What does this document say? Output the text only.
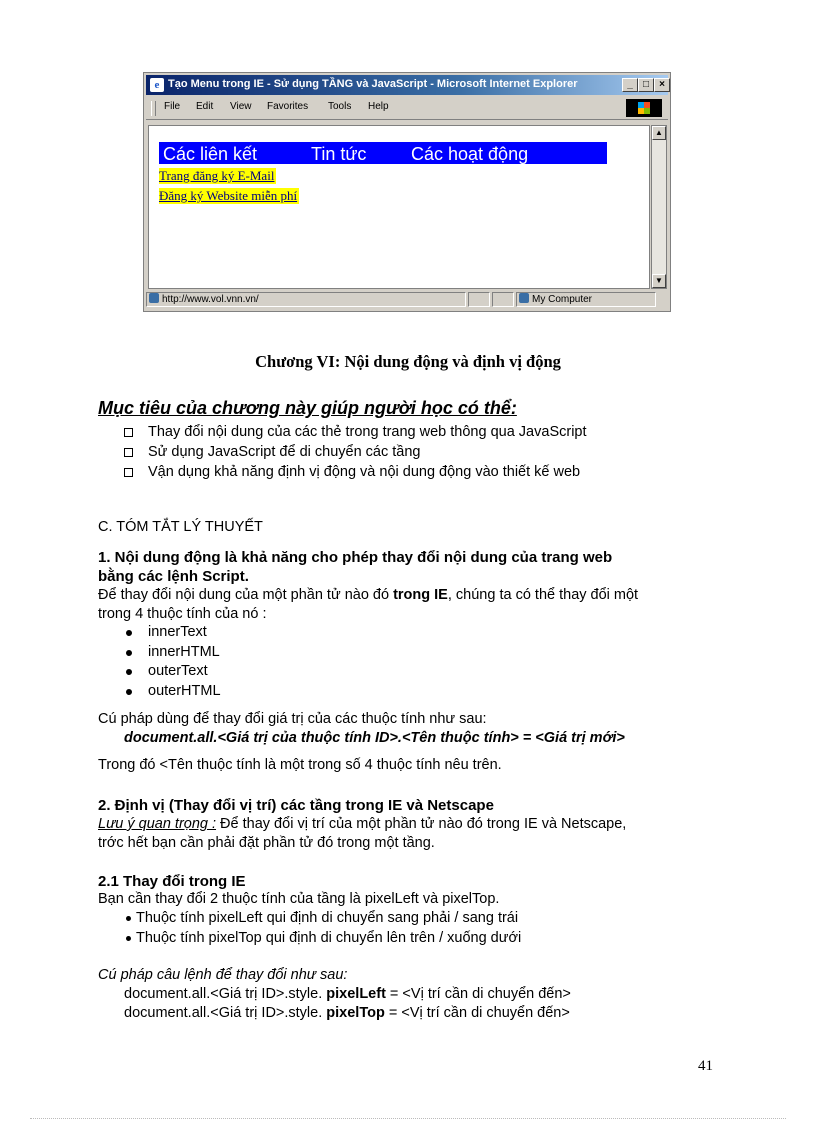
e Tạo Menu trong IE - Sử dụng TẦNG và JavaScript - Microsoft Internet Explorer	_	□	×
File Edit View Favorites Tools Help
Các liên kết	Tin tức Các hoạt động
Trang đăng ký E-Mail
Đăng ký Website miễn phí
▲
▼
http://www.vol.vnn.vn/	My Computer
Chương VI: Nội dung động và định vị động
Mục tiêu của chương này giúp người học có thể:
Thay đổi nội dung của các thẻ trong trang web thông qua JavaScript
Sử dụng JavaScript để di chuyển các tầng
Vận dụng khả năng định vị động và nội dung động vào thiết kế web
C. TÓM TẮT LÝ THUYẾT
1. Nội dung động là khả năng cho phép thay đổi nội dung của trang web
bằng các lệnh Script.
Để thay đổi nội dung của một phần tử nào đó trong IE, chúng ta có thể thay đổi một
trong 4 thuộc tính của nó :
innerText
innerHTML
outerText
outerHTML
Cú pháp dùng để thay đổi giá trị của các thuộc tính như sau:
document.all.<Giá trị của thuộc tính ID>.<Tên thuộc tính> = <Giá trị mới>
Trong đó <Tên thuộc tính là một trong số 4 thuộc tính nêu trên.
2. Định vị (Thay đổi vị trí) các tầng trong IE và Netscape
Lưu ý quan trọng : Để thay đổi vị trí của một phần tử nào đó trong IE và Netscape,
trớc hết bạn cần phải đặt phần tử đó trong một tầng.
2.1 Thay đổi trong IE
Bạn cần thay đổi 2 thuộc tính của tầng là pixelLeft và pixelTop.
Thuộc tính pixelLeft qui định di chuyển sang phải / sang trái
Thuộc tính pixelTop qui định di chuyển lên trên / xuống dưới
Cú pháp câu lệnh để thay đổi như sau:
document.all.<Giá trị ID>.style. pixelLeft = <Vị trí cần di chuyển đến>
document.all.<Giá trị ID>.style. pixelTop = <Vị trí cần di chuyển đến>
41
